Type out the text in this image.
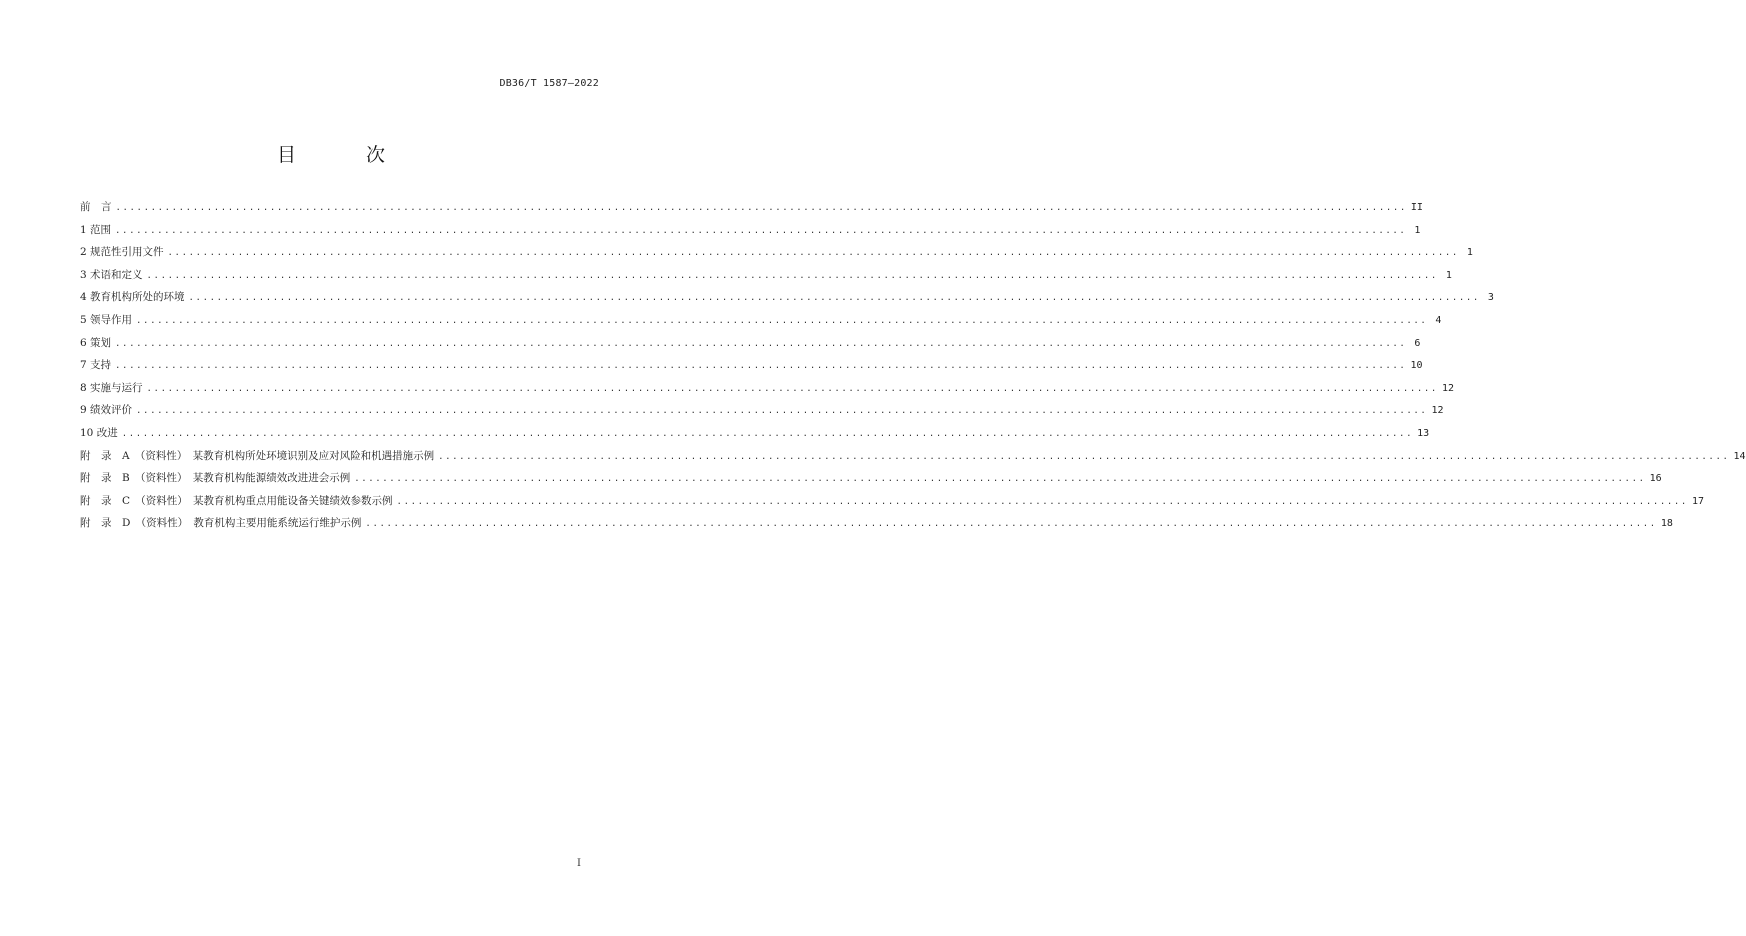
DB36/T 1587—2022
目 次
前　言 ........................................................................................................................................................................................ II
1 范围 ........................................................................................................................................................................................ 1
2 规范性引用文件 ........................................................................................................................................................................................ 1
3 术语和定义 ........................................................................................................................................................................................ 1
4 教育机构所处的环境 ........................................................................................................................................................................................ 3
5 领导作用 ........................................................................................................................................................................................ 4
6 策划 ........................................................................................................................................................................................ 6
7 支持 ........................................................................................................................................................................................ 10
8 实施与运行 ........................................................................................................................................................................................ 12
9 绩效评价 ........................................................................................................................................................................................ 12
10 改进 ........................................................................................................................................................................................ 13
附　录　A　（资料性）　某教育机构所处环境识别及应对风险和机遇措施示例 ........................................................................................................................................................................................ 14
附　录　B　（资料性）　某教育机构能源绩效改进进会示例 ........................................................................................................................................................................................ 16
附　录　C　（资料性）　某教育机构重点用能设备关键绩效参数示例 ........................................................................................................................................................................................ 17
附　录　D　（资料性）　教育机构主要用能系统运行维护示例 ........................................................................................................................................................................................ 18
I
